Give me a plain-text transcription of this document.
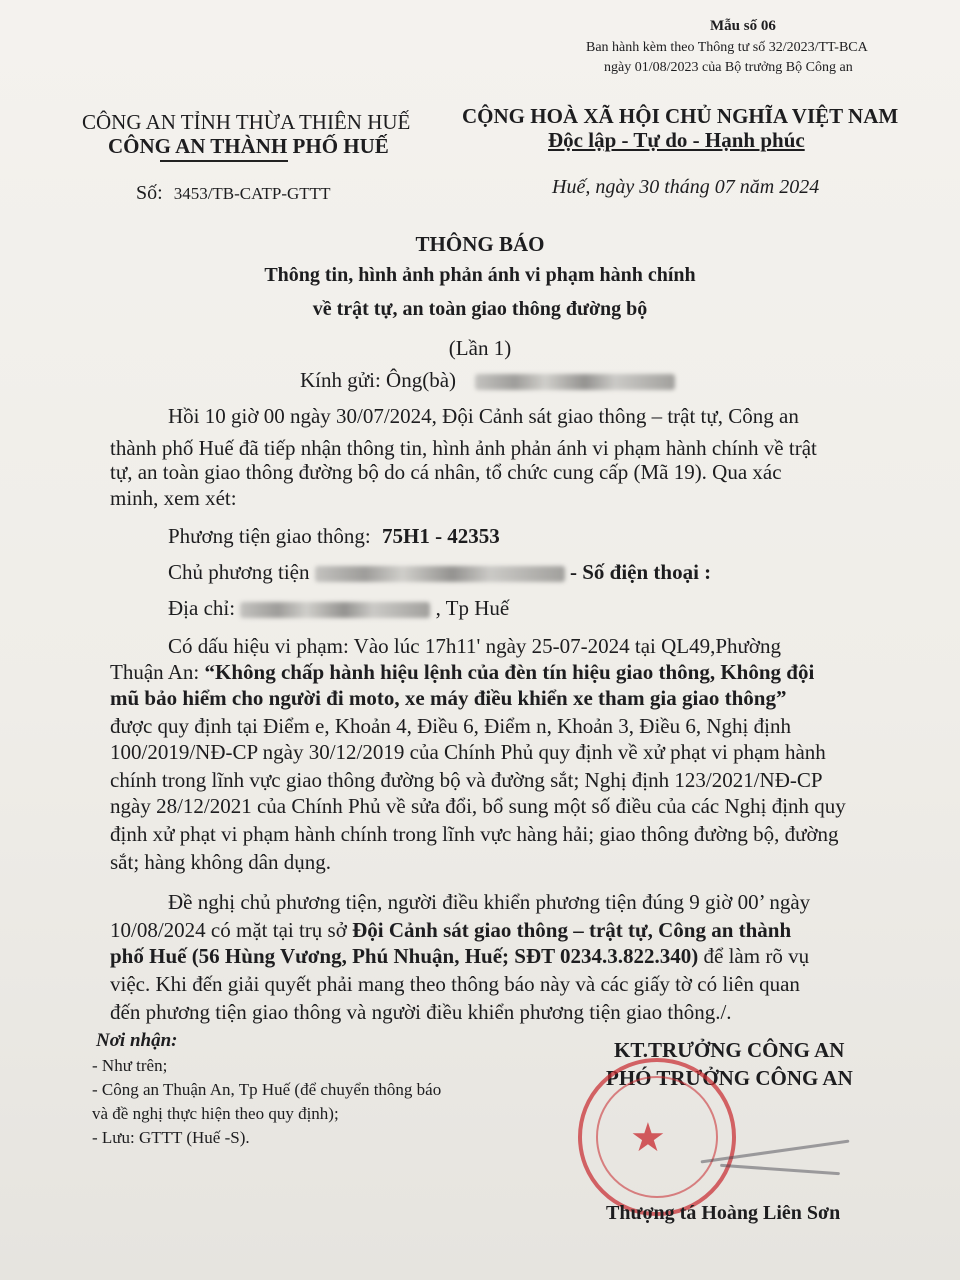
Mẫu số 06
Ban hành kèm theo Thông tư số 32/2023/TT-BCA
ngày 01/08/2023 của Bộ trưởng Bộ Công an
CÔNG AN TỈNH THỪA THIÊN HUẾ
CÔNG AN THÀNH PHỐ HUẾ
CỘNG HOÀ XÃ HỘI CHỦ NGHĨA VIỆT NAM
Độc lập - Tự do - Hạnh phúc
Số: 3453/TB-CATP-GTTT	Huế, ngày 30 tháng 07 năm 2024
THÔNG BÁO
Thông tin, hình ảnh phản ánh vi phạm hành chính
về trật tự, an toàn giao thông đường bộ
(Lần 1)
Kính gửi: Ông(bà)
Hồi 10 giờ 00 ngày 30/07/2024, Đội Cảnh sát giao thông – trật tự, Công an
thành phố Huế đã tiếp nhận thông tin, hình ảnh phản ánh vi phạm hành chính về trật
tự, an toàn giao thông đường bộ do cá nhân, tổ chức cung cấp (Mã 19). Qua xác
minh, xem xét:
Phương tiện giao thông: 75H1 - 42353
Chủ phương tiện	- Số điện thoại :
Địa chỉ:	, Tp Huế
Có dấu hiệu vi phạm: Vào lúc 17h11' ngày 25-07-2024 tại QL49,Phường
Thuận An: “Không chấp hành hiệu lệnh của đèn tín hiệu giao thông, Không đội
mũ bảo hiểm cho người đi moto, xe máy điều khiển xe tham gia giao thông”
được quy định tại Điểm e, Khoản 4, Điều 6, Điểm n, Khoản 3, Điều 6, Nghị định
100/2019/NĐ-CP ngày 30/12/2019 của Chính Phủ quy định về xử phạt vi phạm hành
chính trong lĩnh vực giao thông đường bộ và đường sắt; Nghị định 123/2021/NĐ-CP
ngày 28/12/2021 của Chính Phủ về sửa đổi, bổ sung một số điều của các Nghị định quy
định xử phạt vi phạm hành chính trong lĩnh vực hàng hải; giao thông đường bộ, đường
sắt; hàng không dân dụng.
Đề nghị chủ phương tiện, người điều khiển phương tiện đúng 9 giờ 00’ ngày
10/08/2024 có mặt tại trụ sở Đội Cảnh sát giao thông – trật tự, Công an thành
phố Huế (56 Hùng Vương, Phú Nhuận, Huế; SĐT 0234.3.822.340) để làm rõ vụ
việc. Khi đến giải quyết phải mang theo thông báo này và các giấy tờ có liên quan
đến phương tiện giao thông và người điều khiển phương tiện giao thông./.
Nơi nhận:
- Như trên;
- Công an Thuận An, Tp Huế (để chuyển thông báo
và đề nghị thực hiện theo quy định);
- Lưu: GTTT (Huế -S).
KT.TRƯỞNG CÔNG AN
PHÓ TRƯỞNG CÔNG AN
★
Thượng tá Hoàng Liên Sơn
